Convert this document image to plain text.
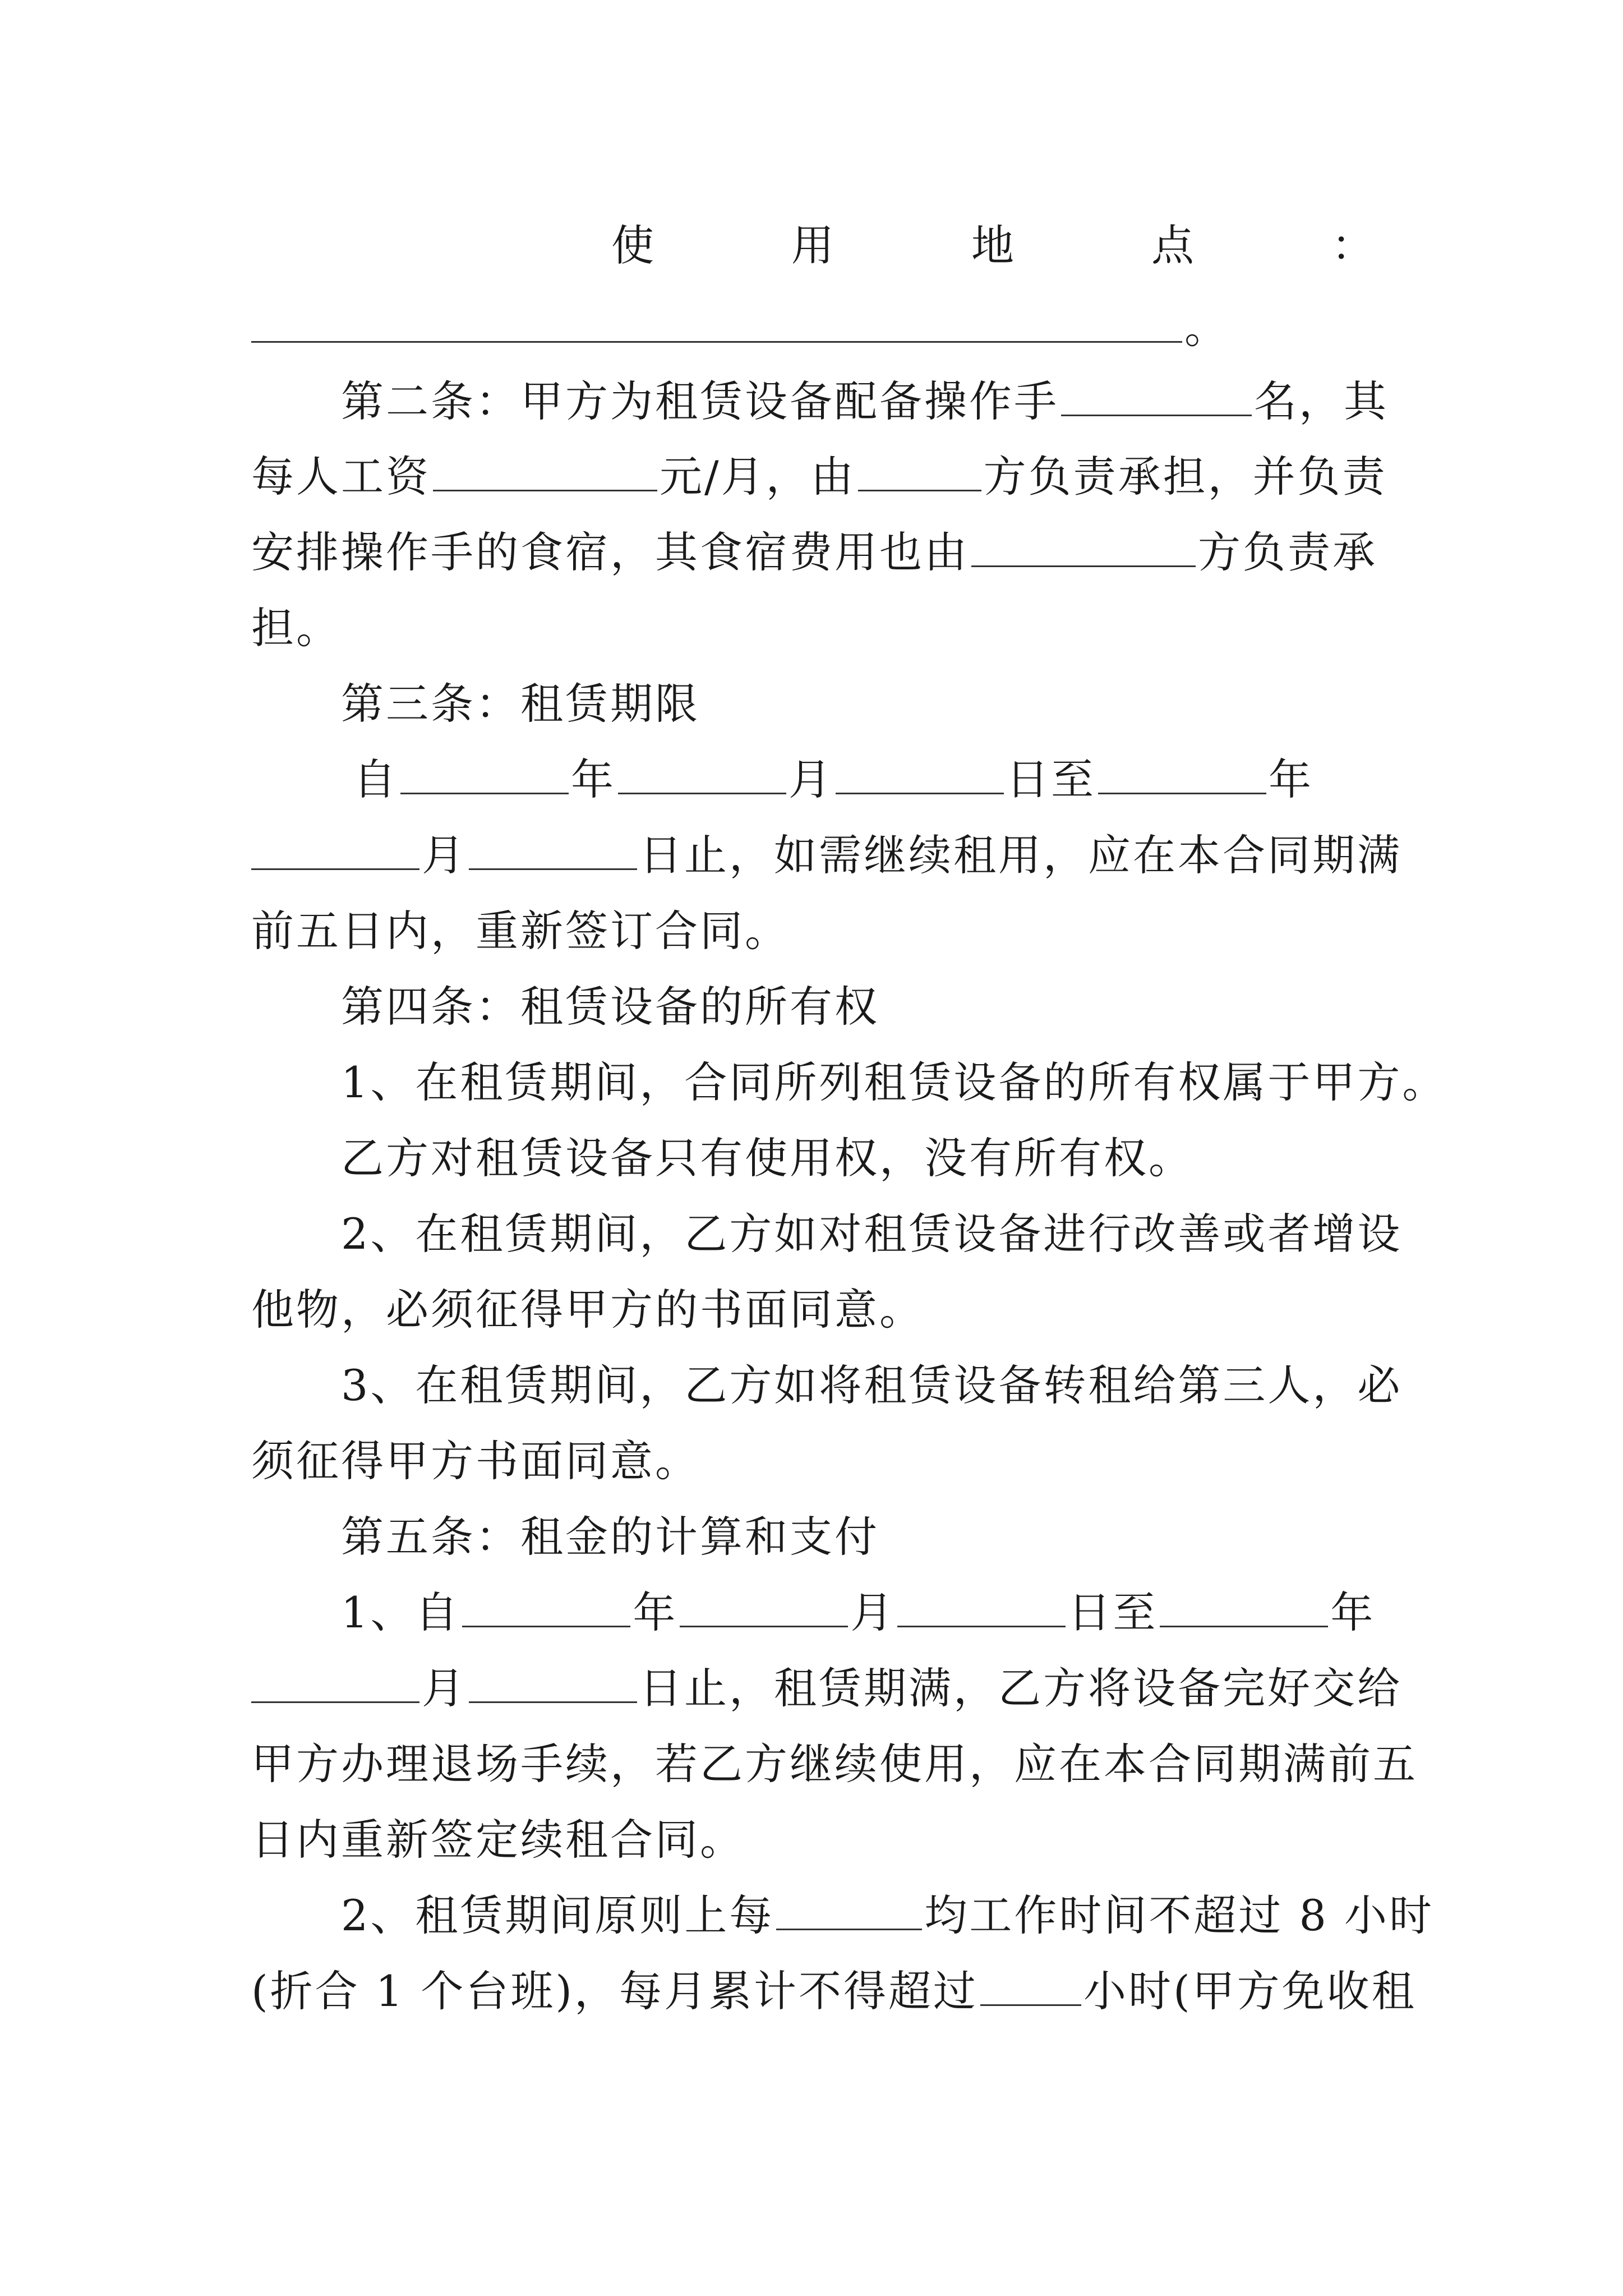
使	用	地	点	：
。
第二条：甲方为租赁设备配备操作手	名，其
每人工资	元/月，由	方负责承担，并负责
安排操作手的食宿，其食宿费用也由	方负责承
担。
第三条：租赁期限
自	年	月	日至	年
月	日止，如需继续租用，应在本合同期满
前五日内，重新签订合同。
第四条：租赁设备的所有权
1、在租赁期间，合同所列租赁设备的所有权属于甲方。
乙方对租赁设备只有使用权，没有所有权。
2、在租赁期间，乙方如对租赁设备进行改善或者增设
他物，必须征得甲方的书面同意。
3、在租赁期间，乙方如将租赁设备转租给第三人，必
须征得甲方书面同意。
第五条：租金的计算和支付
1、自	年	月	日至	年
月	日止，租赁期满，乙方将设备完好交给
甲方办理退场手续，若乙方继续使用，应在本合同期满前五
日内重新签定续租合同。
2、租赁期间原则上每	均工作时间不超过 8 小时
(折合 1 个台班)，每月累计不得超过 小时(甲方免收租
